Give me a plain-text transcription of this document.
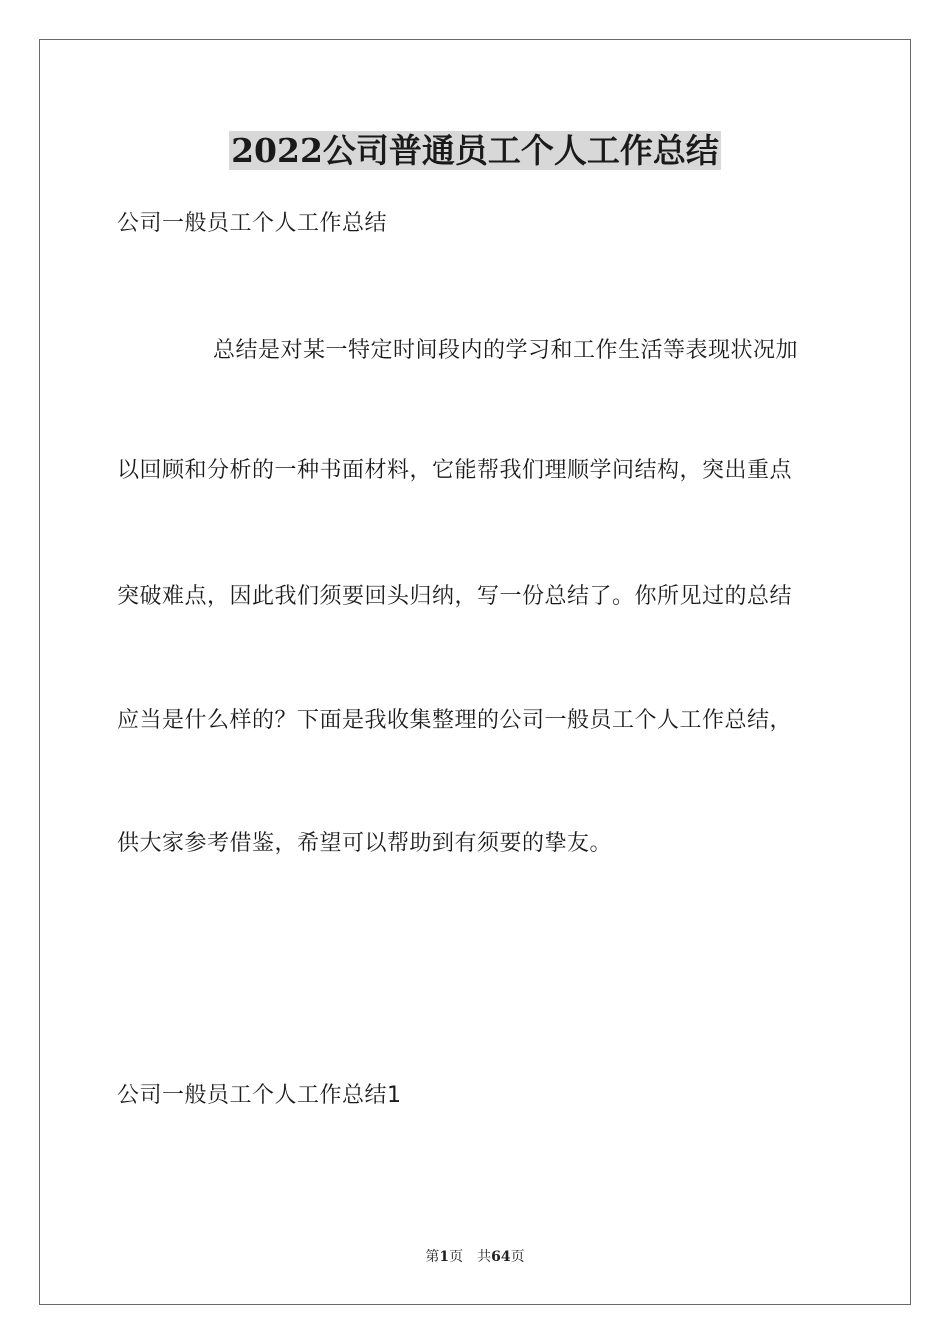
2022公司普通员工个人工作总结

公司一般员工个人工作总结

总结是对某一特定时间段内的学习和工作生活等表现状况加

以回顾和分析的一种书面材料，它能帮我们理顺学问结构，突出重点

突破难点，因此我们须要回头归纳，写一份总结了。你所见过的总结

应当是什么样的？下面是我收集整理的公司一般员工个人工作总结，

供大家参考借鉴，希望可以帮助到有须要的挚友。

公司一般员工个人工作总结1

第1页 共64页
